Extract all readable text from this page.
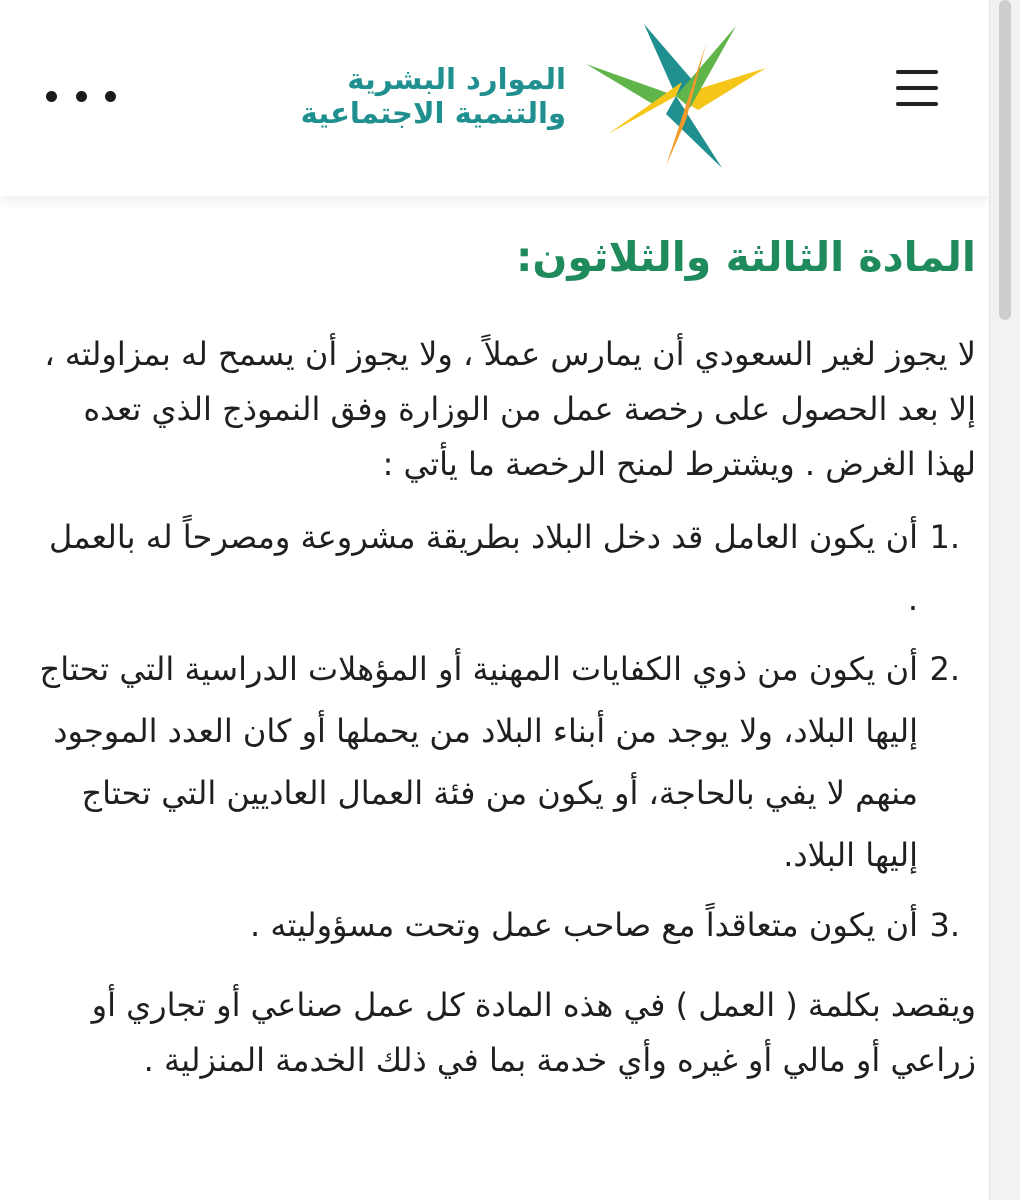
الموارد البشرية
والتنمية الاجتماعية
المادة الثالثة والثلاثون:

لا يجوز لغير السعودي أن يمارس عملاً ، ولا يجوز أن يسمح له بمزاولته ، إلا بعد الحصول على رخصة عمل من الوزارة وفق النموذج الذي تعده لهذا الغرض . ويشترط لمنح الرخصة ما يأتي :

1.
أن يكون العامل قد دخل البلاد بطريقة مشروعة ومصرحاً له بالعمل .
2.
أن يكون من ذوي الكفايات المهنية أو المؤهلات الدراسية التي تحتاج إليها البلاد، ولا يوجد من أبناء البلاد من يحملها أو كان العدد الموجود منهم لا يفي بالحاجة، أو يكون من فئة العمال العاديين التي تحتاج إليها البلاد.
3.
أن يكون متعاقداً مع صاحب عمل وتحت مسؤوليته .

ويقصد بكلمة ( العمل ) في هذه المادة كل عمل صناعي أو تجاري أو زراعي أو مالي أو غيره وأي خدمة بما في ذلك الخدمة المنزلية .
